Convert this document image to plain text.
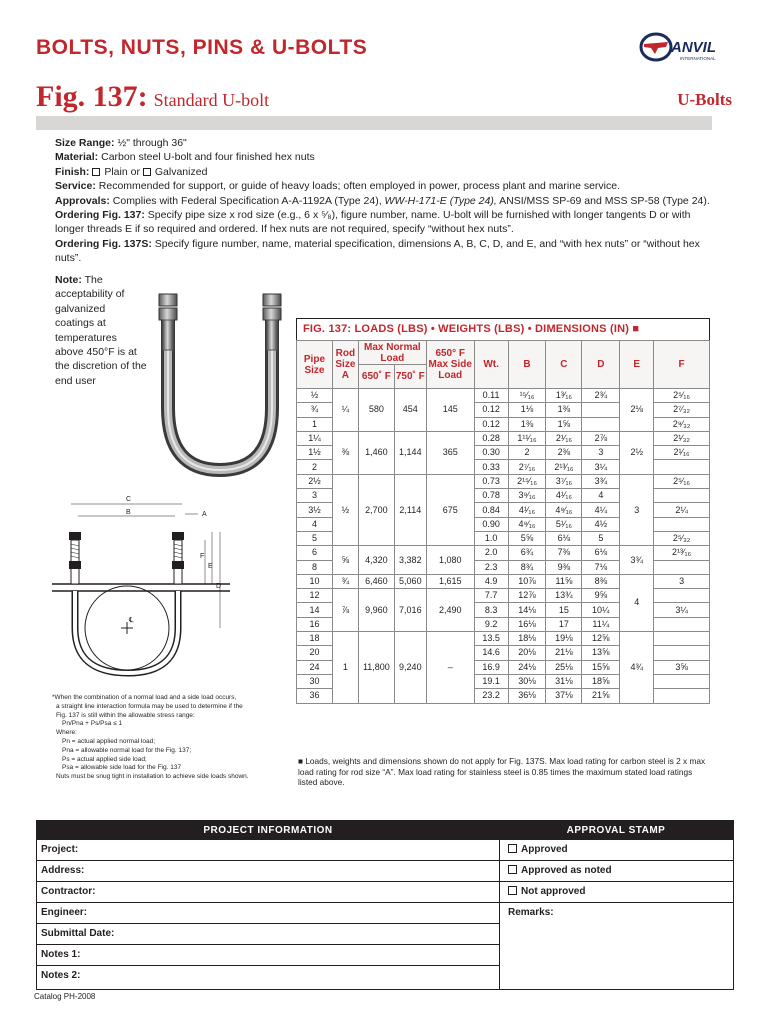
BOLTS, NUTS, PINS & U-BOLTS	ANVIL
INTERNATIONAL
Fig. 137: Standard U-bolt	U-Bolts

Size Range: ½" through 36"

Material: Carbon steel U-bolt and four finished hex nuts

Finish: Plain or Galvanized

Service: Recommended for support, or guide of heavy loads; often employed in power, process plant and marine service.

Approvals: Complies with Federal Specification A-A-1192A (Type 24), WW-H-171-E (Type 24), ANSI/MSS SP-69 and MSS SP-58 (Type 24).

Ordering Fig. 137: Specify pipe size x rod size (e.g., 6 x ⁵⁄₈), figure number, name. U-bolt will be furnished with longer tangents D or with longer threads E if so required and ordered. If hex nuts are not required, specify “without hex nuts”.

Ordering Fig. 137S: Specify figure number, name, material specification, dimensions A, B, C, D, and E, and “with hex nuts” or “without hex nuts”.

Note: The acceptability of galvanized coatings at temperatures above 450°F is at the discretion of the end user
℄
C
B	A
F
E
D
*When the combination of a normal load and a side load occurs,
a straight line interaction formula may be used to determine if the
Fig. 137 is still within the allowable stress range:
Pn/Pna + Ps/Psa ≤ 1
Where:
Pn = actual applied normal load;
Pna = allowable normal load for the Fig. 137;
Ps = actual applied side load;
Psa = allowable side load for the Fig. 137
Nuts must be snug tight in installation to achieve side loads shown.
FIG. 137: LOADS (LBS) • WEIGHTS (LBS) • DIMENSIONS (IN) ■
Pipe Size	Rod Size A	Max Normal Load		650° F Max Side Load	Wt.	B	C	D	E	F
		650˚ F	750˚ F							
½	¼	580	454	145	0.11	¹⁵⁄₁₆	1³⁄₁₆	2¾	2⅛	2⁵⁄₁₆
¾					0.12	1⅛	1⅜			2⁷⁄₃₂
1					0.12	1⅜	1⅝			2⁹⁄₃₂
1¼	⅜	1,460	1,144	365	0.28	1¹¹⁄₁₆	2¹⁄₁₆	2⅞	2½	2¹⁄₃₂
1½					0.30	2	2⅜	3		2¹⁄₁₆
2					0.33	2⁷⁄₁₆	2¹³⁄₁₆	3¼		
2½	½	2,700	2,114	675	0.73	2¹⁵⁄₁₆	3⁷⁄₁₆	3¾	3	2⁵⁄₁₆
3					0.78	3⁹⁄₁₆	4¹⁄₁₆	4		
3½					0.84	4¹⁄₁₆	4⁹⁄₁₆	4¼		2¼
4					0.90	4⁹⁄₁₆	5¹⁄₁₆	4½		
5					1.0	5⅝	6⅛	5		2⁵⁄₃₂
6	⅝	4,320	3,382	1,080	2.0	6¾	7⅜	6⅛	3¾	2¹³⁄₁₆
8					2.3	8¾	9⅜	7⅛		
10	¾	6,460	5,060	1,615	4.9	10⅞	11⅝	8⅜	4	3
12	⅞	9,960	7,016	2,490	7.7	12⅞	13¾	9⅝		
14					8.3	14⅛	15	10¼		3¼
16					9.2	16⅛	17	11¼		
18	1	11,800	9,240	–	13.5	18⅛	19⅛	12⅝	4¾	
20					14.6	20⅛	21⅛	13⅝		
24					16.9	24⅛	25⅛	15⅝		3⅝
30					19.1	30⅛	31⅛	18⅝		
36					23.2	36⅛	37⅛	21⅝		
■ Loads, weights and dimensions shown do not apply for Fig. 137S. Max load rating for carbon steel is 2 x max load rating for rod size “A”. Max load rating for stainless steel is 0.85 times the maximum stated load ratings listed above.
PROJECT INFORMATION	APPROVAL STAMP
Project:
Address:
Contractor:
Engineer:
Submittal Date:
Notes 1:
Notes 2:
Approved
Approved as noted
Not approved
Remarks:
Catalog PH-2008
